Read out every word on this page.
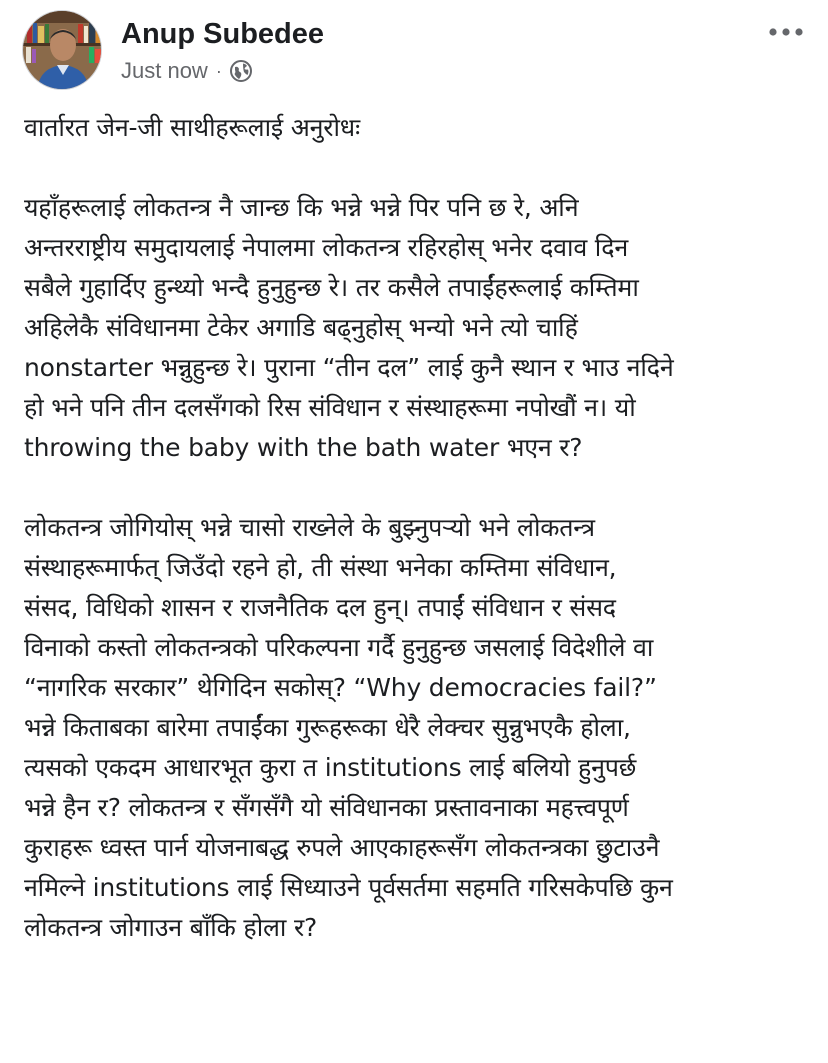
Anup Subedee
Just now ·

वार्तारत जेन-जी साथीहरूलाई अनुरोधः

यहाँहरूलाई लोकतन्त्र नै जान्छ कि भन्ने भन्ने पिर पनि छ रे, अनि
अन्तरराष्ट्रीय समुदायलाई नेपालमा लोकतन्त्र रहिरहोस् भनेर दवाव दिन
सबैले गुहार्दिए हुन्थ्यो भन्दै हुनुहुन्छ रे। तर कसैले तपाईंहरूलाई कम्तिमा
अहिलेकै संविधानमा टेकेर अगाडि बढ्नुहोस् भन्यो भने त्यो चाहिं
nonstarter भन्नुहुन्छ रे। पुराना “तीन दल” लाई कुनै स्थान र भाउ नदिने
हो भने पनि तीन दलसँगको रिस संविधान र संस्थाहरूमा नपोखौं न। यो
throwing the baby with the bath water भएन र?

लोकतन्त्र जोगियोस् भन्ने चासो राख्नेले के बुझ्नुपर्‍यो भने लोकतन्त्र
संस्थाहरूमार्फत् जिउँदो रहने हो, ती संस्था भनेका कम्तिमा संविधान,
संसद, विधिको शासन र राजनैतिक दल हुन्। तपाईं संविधान र संसद
विनाको कस्तो लोकतन्त्रको परिकल्पना गर्दै हुनुहुन्छ जसलाई विदेशीले वा
“नागरिक सरकार” थेगिदिन सकोस्? “Why democracies fail?”
भन्ने किताबका बारेमा तपाईंका गुरूहरूका धेरै लेक्चर सुन्नुभएकै होला,
त्यसको एकदम आधारभूत कुरा त institutions लाई बलियो हुनुपर्छ
भन्ने हैन र? लोकतन्त्र र सँगसँगै यो संविधानका प्रस्तावनाका महत्त्वपूर्ण
कुराहरू ध्वस्त पार्न योजनाबद्ध रुपले आएकाहरूसँग लोकतन्त्रका छुटाउनै
नमिल्ने institutions लाई सिध्याउने पूर्वसर्तमा सहमति गरिसकेपछि कुन
लोकतन्त्र जोगाउन बाँकि होला र?
